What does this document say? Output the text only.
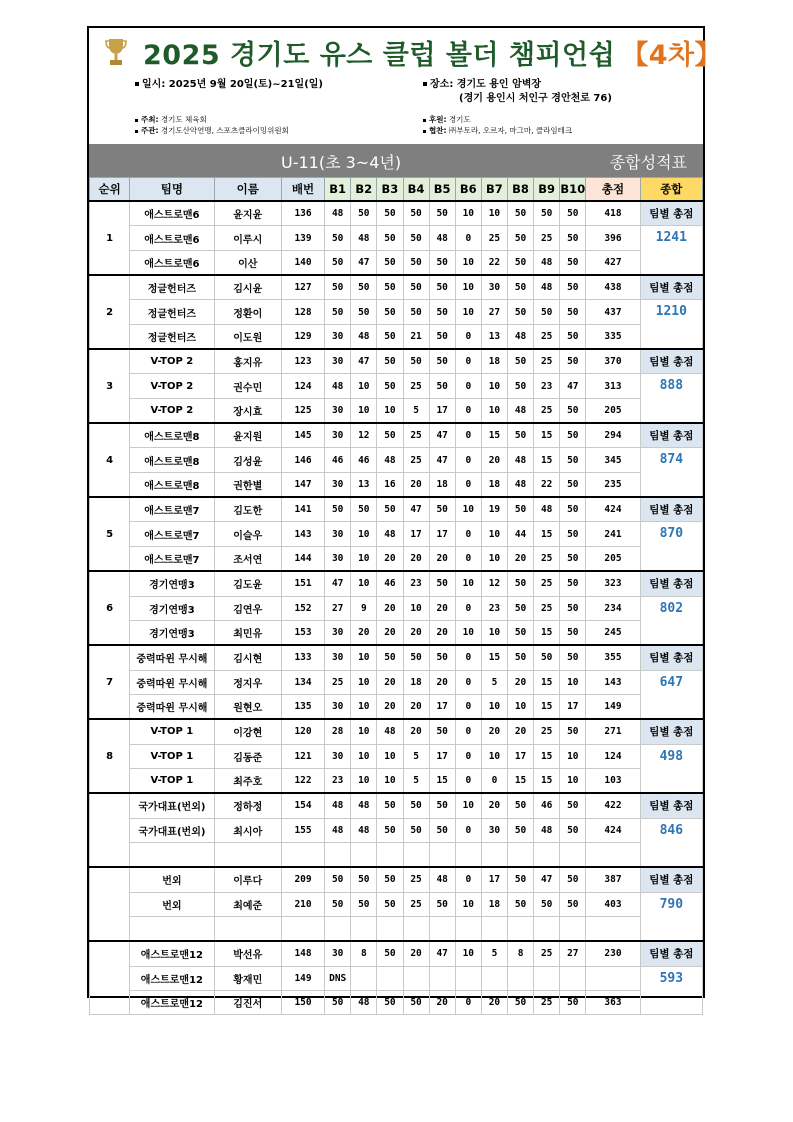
2025 경기도 유스 클럽 볼더 챔피언쉽 【4차】
일시: 2025년 9월 20일(토)~21일(일)	장소: 경기도 용인 암벽장
(경기 용인시 처인구 경안천로 76)
주최: 경기도 체육회
주관: 경기도산악연맹, 스포츠클라이밍위원회
후원: 경기도
협찬: ㈜부토라, 오르자, 마그마, 클라임테크
U-11(초 3~4년)	종합성적표
순위	팀명	이름	배번	B1	B2	B3	B4	B5	B6	B7	B8	B9	B10	총점	종합
1	애스트로맨6	윤지윤	136	48	50	50	50	50	10	10	50	50	50	418	팀별 총점
	애스트로맨6	이루시	139	50	48	50	50	48	0	25	50	25	50	396	1241
	애스트로맨6	이산	140	50	47	50	50	50	10	22	50	48	50	427	
2	정글헌터즈	김시윤	127	50	50	50	50	50	10	30	50	48	50	438	팀별 총점
	정글헌터즈	정환이	128	50	50	50	50	50	10	27	50	50	50	437	1210
	정글헌터즈	이도원	129	30	48	50	21	50	0	13	48	25	50	335	
3	V-TOP 2	홍지유	123	30	47	50	50	50	0	18	50	25	50	370	팀별 총점
	V-TOP 2	권수민	124	48	10	50	25	50	0	10	50	23	47	313	888
	V-TOP 2	장시효	125	30	10	10	5	17	0	10	48	25	50	205	
4	애스트로맨8	윤지원	145	30	12	50	25	47	0	15	50	15	50	294	팀별 총점
	애스트로맨8	김성윤	146	46	46	48	25	47	0	20	48	15	50	345	874
	애스트로맨8	권한별	147	30	13	16	20	18	0	18	48	22	50	235	
5	애스트로맨7	김도한	141	50	50	50	47	50	10	19	50	48	50	424	팀별 총점
	애스트로맨7	이슬우	143	30	10	48	17	17	0	10	44	15	50	241	870
	애스트로맨7	조서연	144	30	10	20	20	20	0	10	20	25	50	205	
6	경기연맹3	김도윤	151	47	10	46	23	50	10	12	50	25	50	323	팀별 총점
	경기연맹3	김연우	152	27	9	20	10	20	0	23	50	25	50	234	802
	경기연맹3	최민유	153	30	20	20	20	20	10	10	50	15	50	245	
7	중력따윈 무시해	김시현	133	30	10	50	50	50	0	15	50	50	50	355	팀별 총점
	중력따윈 무시해	정지우	134	25	10	20	18	20	0	5	20	15	10	143	647
	중력따윈 무시해	원현오	135	30	10	20	20	17	0	10	10	15	17	149	
8	V-TOP 1	이강현	120	28	10	48	20	50	0	20	20	25	50	271	팀별 총점
	V-TOP 1	김동준	121	30	10	10	5	17	0	10	17	15	10	124	498
	V-TOP 1	최주호	122	23	10	10	5	15	0	0	15	15	10	103	
	국가대표(번외)	정하정	154	48	48	50	50	50	10	20	50	46	50	422	팀별 총점
	국가대표(번외)	최시아	155	48	48	50	50	50	0	30	50	48	50	424	846

	번외	이루다	209	50	50	50	25	48	0	17	50	47	50	387	팀별 총점
	번외	최예준	210	50	50	50	25	50	10	18	50	50	50	403	790

	애스트로맨12	박선유	148	30	8	50	20	47	10	5	8	25	27	230	팀별 총점
	애스트로맨12	황재민	149	DNS											593
	애스트로맨12	김진서	150	50	48	50	50	20	0	20	50	25	50	363	
